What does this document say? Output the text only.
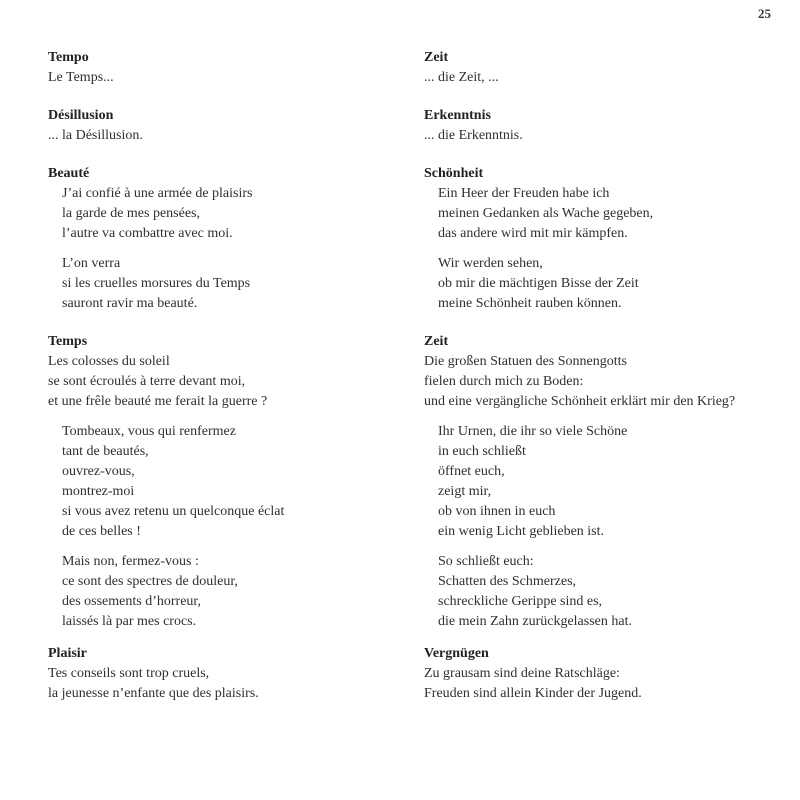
25
Tempo
Le Temps...
Désillusion
... la Désillusion.
Beauté
J’ai confié à une armée de plaisirs
la garde de mes pensées,
l’autre va combattre avec moi.
L’on verra
si les cruelles morsures du Temps
sauront ravir ma beauté.
Temps
Les colosses du soleil
se sont écroulés à terre devant moi,
et une frêle beauté me ferait la guerre ?
Tombeaux, vous qui renfermez
tant de beautés,
ouvrez-vous,
montrez-moi
si vous avez retenu un quelconque éclat
de ces belles !
Mais non, fermez-vous :
ce sont des spectres de douleur,
des ossements d’horreur,
laissés là par mes crocs.
Plaisir
Tes conseils sont trop cruels,
la jeunesse n’enfante que des plaisirs.
Zeit
... die Zeit, ...
Erkenntnis
... die Erkenntnis.
Schönheit
Ein Heer der Freuden habe ich
meinen Gedanken als Wache gegeben,
das andere wird mit mir kämpfen.
Wir werden sehen,
ob mir die mächtigen Bisse der Zeit
meine Schönheit rauben können.
Zeit
Die großen Statuen des Sonnengotts
fielen durch mich zu Boden:
und eine vergängliche Schönheit erklärt mir den Krieg?
Ihr Urnen, die ihr so viele Schöne
in euch schließt
öffnet euch,
zeigt mir,
ob von ihnen in euch
ein wenig Licht geblieben ist.
So schließt euch:
Schatten des Schmerzes,
schreckliche Gerippe sind es,
die mein Zahn zurückgelassen hat.
Vergnügen
Zu grausam sind deine Ratschläge:
Freuden sind allein Kinder der Jugend.
